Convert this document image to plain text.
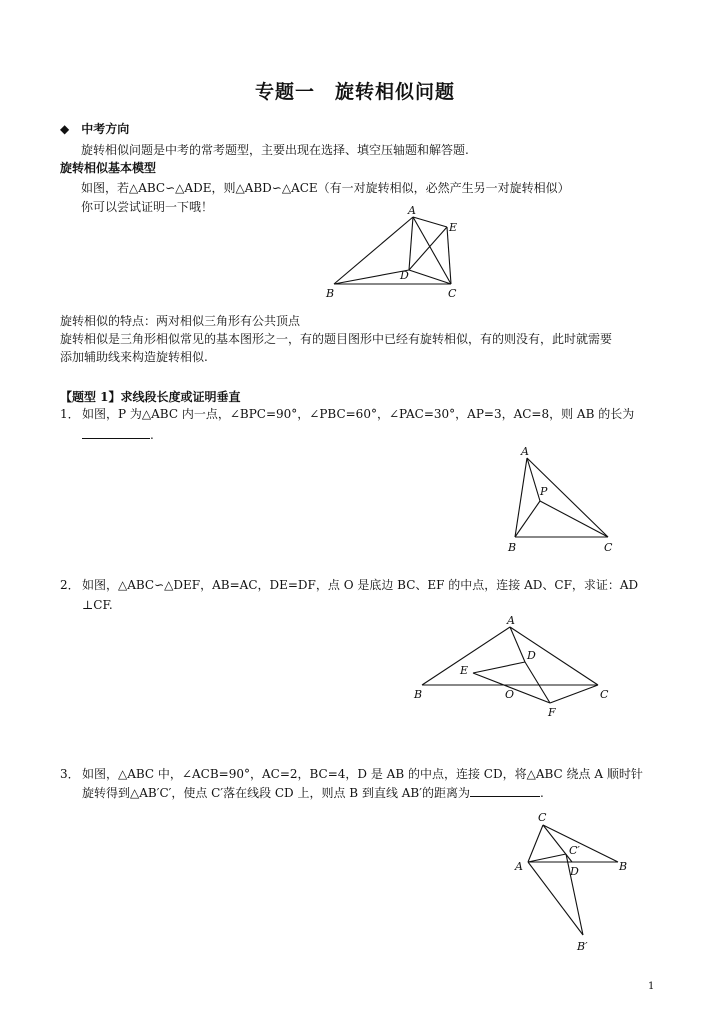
专题一　旋转相似问题
◆　中考方向
旋转相似问题是中考的常考题型，主要出现在选择、填空压轴题和解答题.
旋转相似基本模型
如图，若△ABC∽△ADE，则△ABD∽△ACE（有一对旋转相似，必然产生另一对旋转相似）
你可以尝试证明一下哦！	A
E
D
B	C
旋转相似的特点：两对相似三角形有公共顶点
旋转相似是三角形相似常见的基本图形之一，有的题目图形中已经有旋转相似，有的则没有，此时就需要
添加辅助线来构造旋转相似.
【题型 1】求线段长度或证明垂直
1． 如图，P 为△ABC 内一点，∠BPC=90°，∠PBC=60°，∠PAC=30°，AP=3，AC=8，则 AB 的长为
.
A
P
B	C
2． 如图，△ABC∽△DEF，AB=AC，DE=DF，点 O 是底边 BC、EF 的中点，连接 AD、CF，求证：AD
⊥CF.
A
D
E
B	O	C
F
3． 如图，△ABC 中，∠ACB=90°，AC=2，BC=4，D 是 AB 的中点，连接 CD，将△ABC 绕点 A 顺时针
旋转得到△AB′C′，使点 C′落在线段 CD 上，则点 B 到直线 AB′的距离为	.
C
C′
A	D	B
B′
1
